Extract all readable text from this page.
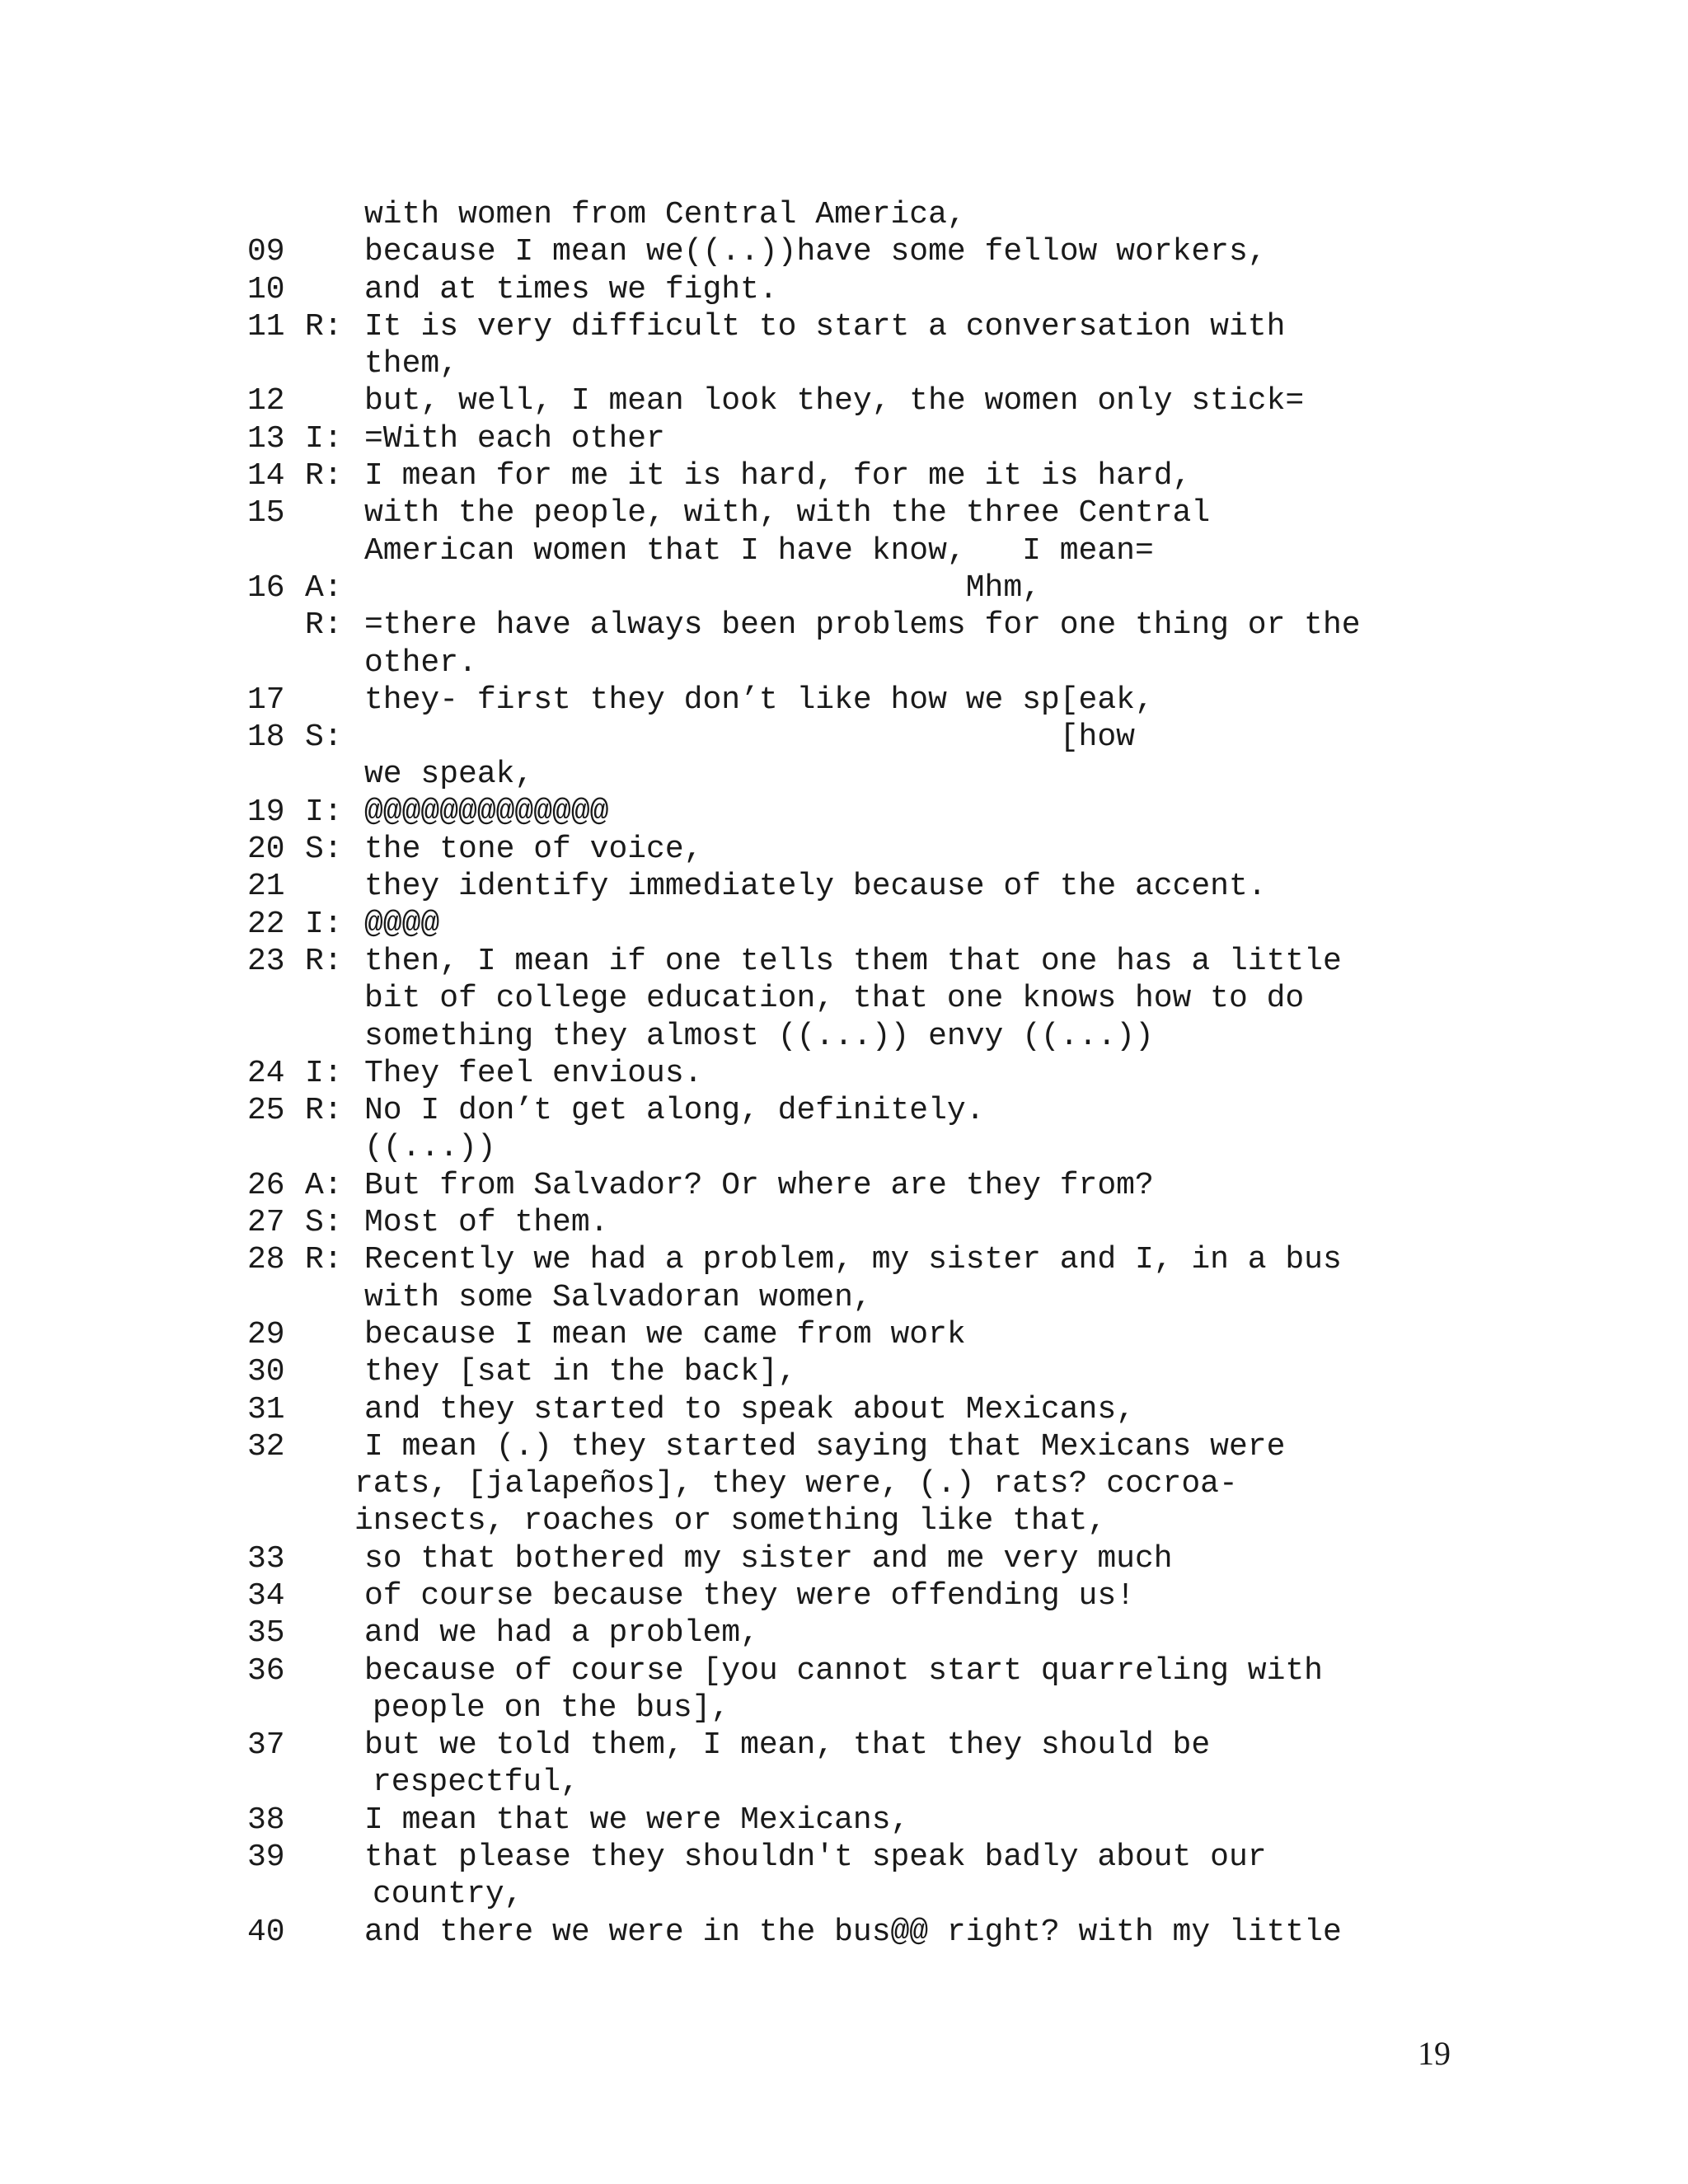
with women from Central America,
09	because I mean we((..))have some fellow workers,
10	and at times we fight.
11 R: It is very difficult to start a conversation with
them,
12	but, well, I mean look they, the women only stick=
13 I: =With each other
14 R: I mean for me it is hard, for me it is hard,
15	with the people, with, with the three Central
American women that I have know,   I mean=
16 A: Mhm,
R: =there have always been problems for one thing or the
other.
17	they- first they don’t like how we sp[eak,
18 S: [how
we speak,
19 I: @@@@@@@@@@@@@
20 S: the tone of voice,
21	they identify immediately because of the accent.
22 I: @@@@
23 R: then, I mean if one tells them that one has a little
bit of college education, that one knows how to do
something they almost ((...)) envy ((...))
24 I: They feel envious.
25 R: No I don’t get along, definitely.
((...))
26 A: But from Salvador? Or where are they from?
27 S: Most of them.
28 R: Recently we had a problem, my sister and I, in a bus
with some Salvadoran women,
29	because I mean we came from work
30	they [sat in the back],
31	and they started to speak about Mexicans,
32	I mean (.) they started saying that Mexicans were
rats, [jalapeños], they were, (.) rats? cocroa-
insects, roaches or something like that,
33	so that bothered my sister and me very much
34	of course because they were offending us!
35	and we had a problem,
36	because of course [you cannot start quarreling with
people on the bus],
37	but we told them, I mean, that they should be
respectful,
38	I mean that we were Mexicans,
39	that please they shouldn't speak badly about our
country,
40	and there we were in the bus@@ right? with my little
19
